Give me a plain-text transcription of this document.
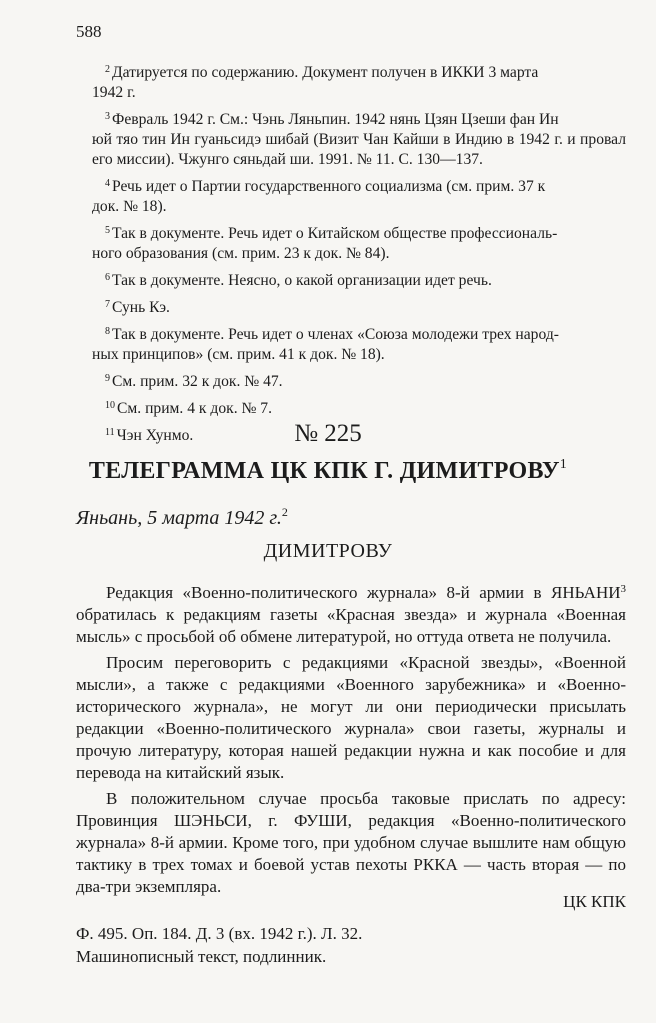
588
$^2$ Датируется по содержанию. Документ получен в ИККИ 3 марта
1942 г.
$^3$ Февраль 1942 г. См.: Чэнь Ляньпин. 1942 нянь Цзян Цзеши фан Ин
юй тяо тин Ин гуаньсидэ шибай (Визит Чан Кайши в Индию в 1942 г. и провал его миссии). Чжунго сяньдай ши. 1991. № 11. С. 130—137.
$^4$ Речь идет о Партии государственного социализма (см. прим. 37 к
док. № 18).
$^5$ Так в документе. Речь идет о Китайском обществе профессиональ-
ного образования (см. прим. 23 к док. № 84).
$^6$ Так в документе. Неясно, о какой организации идет речь.
$^7$ Сунь Кэ.
$^8$ Так в документе. Речь идет о членах «Союза молодежи трех народ-
ных принципов» (см. прим. 41 к док. № 18).
$^9$ См. прим. 32 к док. № 47.
$^{10}$ См. прим. 4 к док. № 7.
$^{11}$ Чэн Хунмо.	№ 225
ТЕЛЕГРАММА ЦК КПК Г. ДИМИТРОВУ$^1$
Яньань, 5 марта 1942 г.$^2$
ДИМИТРОВУ

Редакция «Военно-политического журнала» 8-й армии в ЯНЬАНИ$^3$ обратилась к редакциям газеты «Красная звезда» и журнала «Военная мысль» с просьбой об обмене литературой, но оттуда ответа не получила.

Просим переговорить с редакциями «Красной звезды», «Военной мысли», а также с редакциями «Военного зарубежника» и «Военно-исторического журнала», не могут ли они периодически присылать редакции «Военно-политического журнала» свои газеты, журналы и прочую литературу, которая нашей редакции нужна и как пособие и для перевода на китайский язык.

В положительном случае просьба таковые прислать по адресу: Провинция ШЭНЬСИ, г. ФУШИ, редакция «Военно-политического журнала» 8-й армии. Кроме того, при удобном случае вышлите нам общую тактику в трех томах и боевой устав пехоты РККА — часть вторая — по два-три экземпляра.

ЦК КПК
Ф. 495. Оп. 184. Д. 3 (вх. 1942 г.). Л. 32.
Машинописный текст, подлинник.
